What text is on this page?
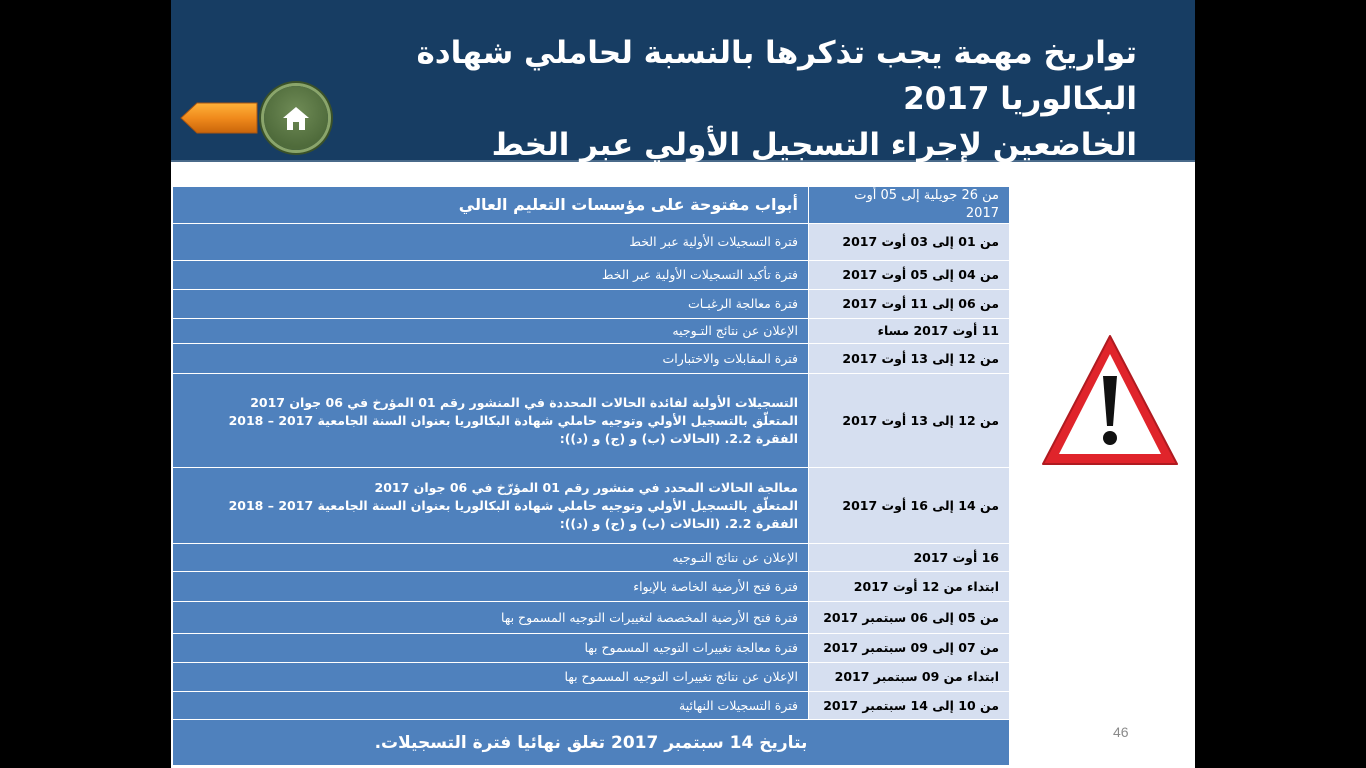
تواريخ مهمة يجب تذكرها بالنسبة لحاملي شهادة البكالوريا 2017
الخاضعين لإجراء التسجيل الأولي عبر الخط
من 26 جويلية إلى 05 أوت 2017	أبواب مفتوحة على مؤسسات التعليم العالي
من 01 إلى 03 أوت 2017	فترة التسجيلات الأولية عبر الخط
من 04 إلى 05 أوت 2017	فترة تأكيد التسجيلات الأولية عبر الخط
من 06 إلى 11 أوت 2017	فترة معالجة الرغبـات
11 أوت 2017 مساء	الإعلان عن نتائج التـوجيه
من 12 إلى 13 أوت 2017	فترة المقابلات والاختبارات
من 12 إلى 13 أوت 2017	التسجيلات الأولية لفائدة الحالات المحددة في المنشور رقم 01 المؤرخ في 06 جوان 2017
المتعلّق بالتسجيل الأولي وتوجيه حاملي شهادة البكالوريا بعنوان السنة الجامعية 2017 – 2018
الفقرة 2.2. (الحالات (ب) و (ج) و (د)):

من 14 إلى 16 أوت 2017	معالجة الحالات المحدد في منشور رقم 01 المؤرّخ في 06 جوان 2017
المتعلّق بالتسجيل الأولي وتوجيه حاملي شهادة البكالوريا بعنوان السنة الجامعية 2017 – 2018
الفقرة 2.2. (الحالات (ب) و (ج) و (د)):

16 أوت 2017	الإعلان عن نتائج التـوجيه
ابتداء من 12 أوت 2017	فترة فتح الأرضية الخاصة بالإيواء
من 05 إلى 06 سبتمبر 2017	فترة فتح الأرضية المخصصة لتغييرات التوجيه المسموح بها
من 07 إلى 09 سبتمبر 2017	فترة معالجة تغييرات التوجيه المسموح بها
ابتداء من 09 سبتمبر 2017	الإعلان عن نتائج تغييرات التوجيه المسموح بها
من 10 إلى 14 سبتمبر 2017	فترة التسجيلات النهائية
بتاريخ 14 سبتمبر 2017 تغلق نهائيا فترة التسجيلات.	
46
